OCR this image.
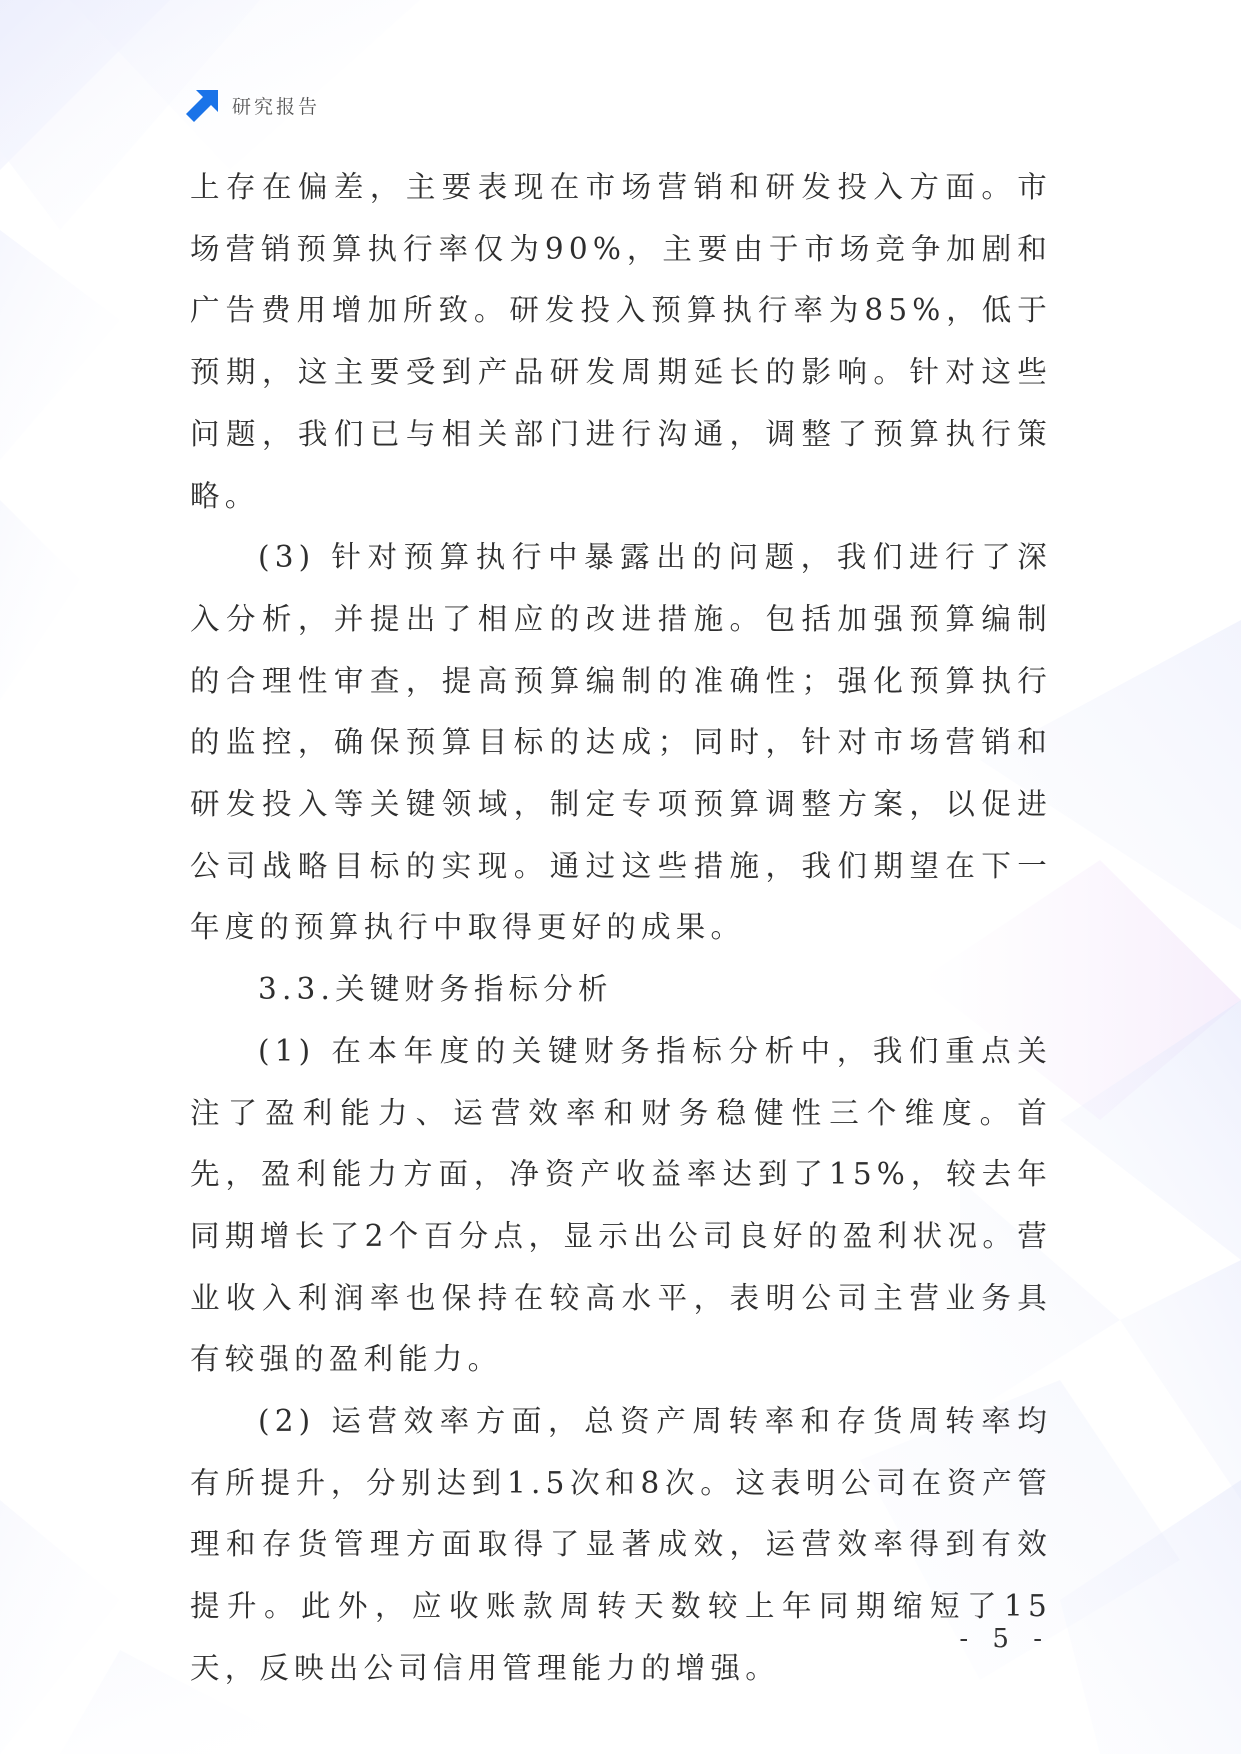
研究报告

上存在偏差，主要表现在市场营销和研发投入方面。市场营销预算执行率仅为90%，主要由于市场竞争加剧和广告费用增加所致。研发投入预算执行率为85%，低于预期，这主要受到产品研发周期延长的影响。针对这些问题，我们已与相关部门进行沟通，调整了预算执行策略。

(3) 针对预算执行中暴露出的问题，我们进行了深入分析，并提出了相应的改进措施。包括加强预算编制的合理性审查，提高预算编制的准确性；强化预算执行的监控，确保预算目标的达成；同时，针对市场营销和研发投入等关键领域，制定专项预算调整方案，以促进公司战略目标的实现。通过这些措施，我们期望在下一年度的预算执行中取得更好的成果。

3.3.关键财务指标分析

(1) 在本年度的关键财务指标分析中，我们重点关注了盈利能力、运营效率和财务稳健性三个维度。首先，盈利能力方面，净资产收益率达到了15%，较去年同期增长了2个百分点，显示出公司良好的盈利状况。营业收入利润率也保持在较高水平，表明公司主营业务具有较强的盈利能力。

(2) 运营效率方面，总资产周转率和存货周转率均有所提升，分别达到1.5次和8次。这表明公司在资产管理和存货管理方面取得了显著成效，运营效率得到有效提升。此外，应收账款周转天数较上年同期缩短了15天，反映出公司信用管理能力的增强。

- 5 -
